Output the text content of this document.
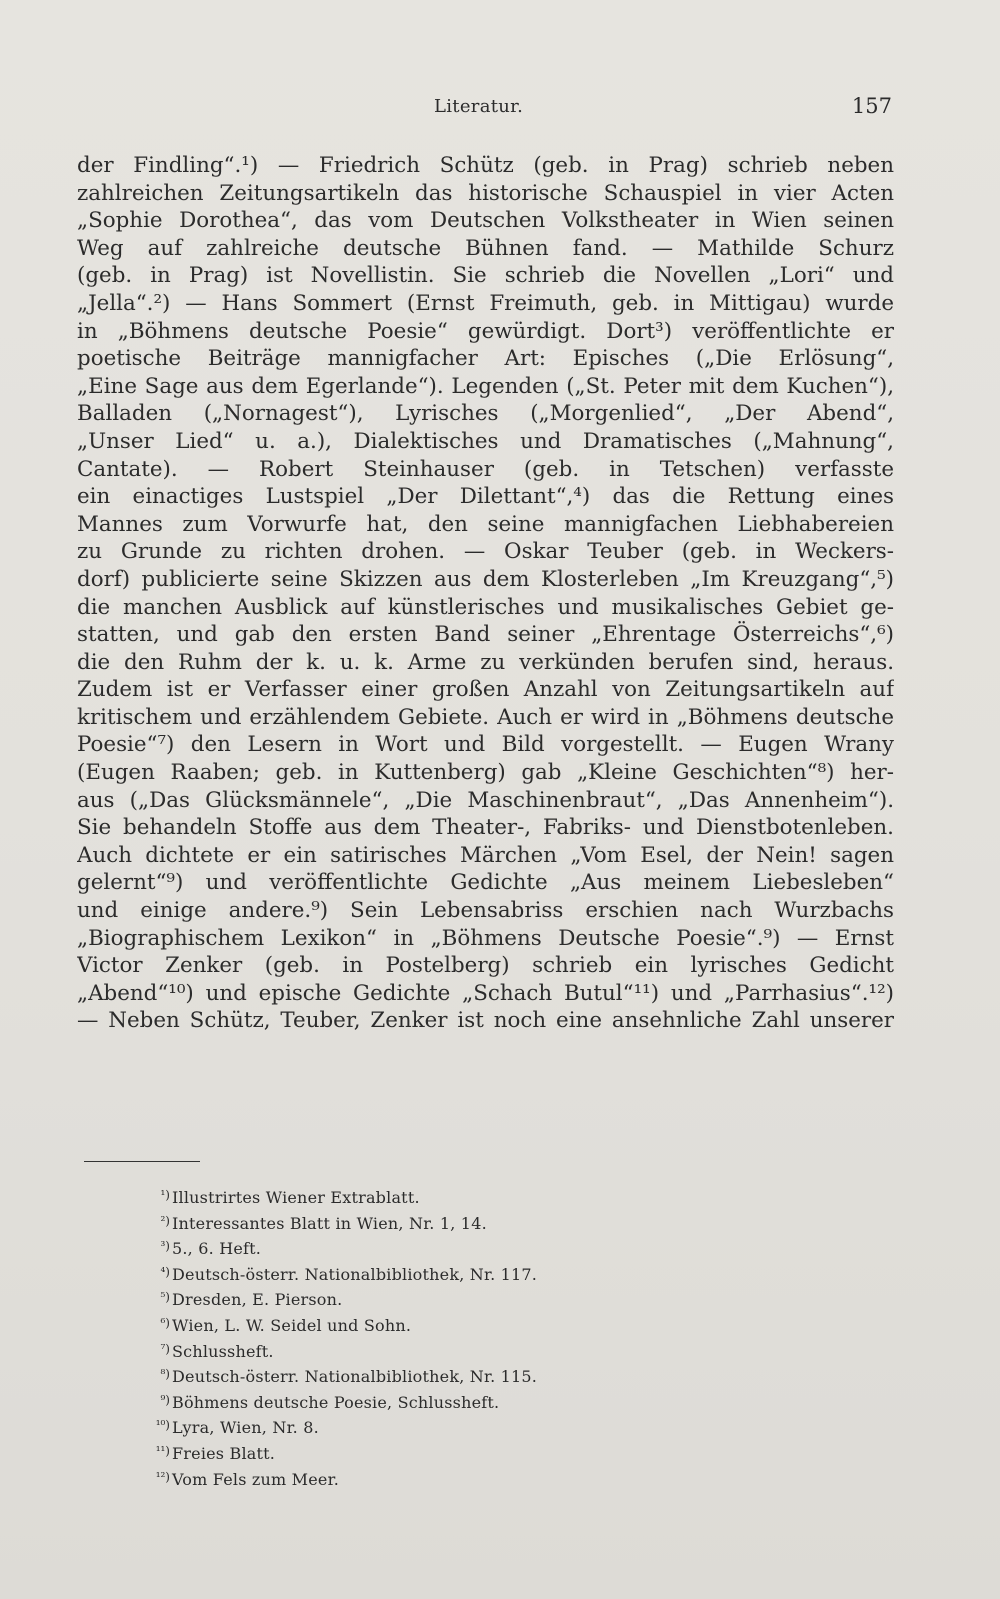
Literatur.	157
der Findling“.¹) — Friedrich Schütz (geb. in Prag) schrieb neben
zahlreichen Zeitungsartikeln das historische Schauspiel in vier Acten
„Sophie Dorothea“, das vom Deutschen Volkstheater in Wien seinen
Weg auf zahlreiche deutsche Bühnen fand. — Mathilde Schurz
(geb. in Prag) ist Novellistin. Sie schrieb die Novellen „Lori“ und
„Jella“.²) — Hans Sommert (Ernst Freimuth, geb. in Mittigau) wurde
in „Böhmens deutsche Poesie“ gewürdigt. Dort³) veröffentlichte er
poetische Beiträge mannigfacher Art: Episches („Die Erlösung“,
„Eine Sage aus dem Egerlande“). Legenden („St. Peter mit dem Kuchen“),
Balladen („Nornagest“), Lyrisches („Morgenlied“, „Der Abend“,
„Unser Lied“ u. a.), Dialektisches und Dramatisches („Mahnung“,
Cantate). — Robert Steinhauser (geb. in Tetschen) verfasste
ein einactiges Lustspiel „Der Dilettant“,⁴) das die Rettung eines
Mannes zum Vorwurfe hat, den seine mannigfachen Liebhabereien
zu Grunde zu richten drohen. — Oskar Teuber (geb. in Weckers-
dorf) publicierte seine Skizzen aus dem Klosterleben „Im Kreuzgang“,⁵)
die manchen Ausblick auf künstlerisches und musikalisches Gebiet ge-
statten, und gab den ersten Band seiner „Ehrentage Österreichs“,⁶)
die den Ruhm der k. u. k. Arme zu verkünden berufen sind, heraus.
Zudem ist er Verfasser einer großen Anzahl von Zeitungsartikeln auf
kritischem und erzählendem Gebiete. Auch er wird in „Böhmens deutsche
Poesie“⁷) den Lesern in Wort und Bild vorgestellt. — Eugen Wrany
(Eugen Raaben; geb. in Kuttenberg) gab „Kleine Geschichten“⁸) her-
aus („Das Glücksmännele“, „Die Maschinenbraut“, „Das Annenheim“).
Sie behandeln Stoffe aus dem Theater-, Fabriks- und Dienstbotenleben.
Auch dichtete er ein satirisches Märchen „Vom Esel, der Nein! sagen
gelernt“⁹) und veröffentlichte Gedichte „Aus meinem Liebesleben“
und einige andere.⁹) Sein Lebensabriss erschien nach Wurzbachs
„Biographischem Lexikon“ in „Böhmens Deutsche Poesie“.⁹) — Ernst
Victor Zenker (geb. in Postelberg) schrieb ein lyrisches Gedicht
„Abend“¹⁰) und epische Gedichte „Schach Butul“¹¹) und „Parrhasius“.¹²)
— Neben Schütz, Teuber, Zenker ist noch eine ansehnliche Zahl unserer
¹) Illustrirtes Wiener Extrablatt.
²) Interessantes Blatt in Wien, Nr. 1, 14.
³) 5., 6. Heft.
⁴) Deutsch-österr. Nationalbibliothek, Nr. 117.
⁵) Dresden, E. Pierson.
⁶) Wien, L. W. Seidel und Sohn.
⁷) Schlussheft.
⁸) Deutsch-österr. Nationalbibliothek, Nr. 115.
⁹) Böhmens deutsche Poesie, Schlussheft.
¹⁰) Lyra, Wien, Nr. 8.
¹¹) Freies Blatt.
¹²) Vom Fels zum Meer.
